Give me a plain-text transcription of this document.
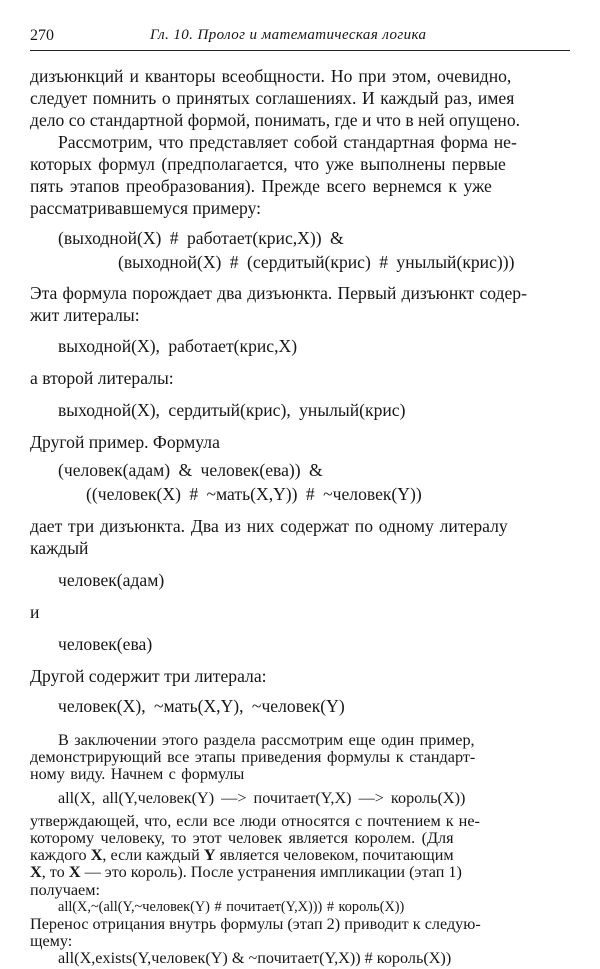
270	Гл. 10. Пролог и математическая логика
дизъюнкций и кванторы всеобщности. Но при этом, очевидно,
следует помнить о принятых соглашениях. И каждый раз, имея
дело со стандартной формой, понимать, где и что в ней опущено.
Рассмотрим, что представляет собой стандартная форма не-
которых формул (предполагается, что уже выполнены первые
пять этапов преобразования). Прежде всего вернемся к уже
рассматривавшемуся примеру:
(выходной(X) # работает(крис,X)) &
(выходной(X) # (сердитый(крис) # унылый(крис)))
Эта формула порождает два дизъюнкта. Первый дизъюнкт содер-
жит литералы:
выходной(X), работает(крис,X)
а второй литералы:
выходной(X), сердитый(крис), унылый(крис)
Другой пример. Формула
(человек(адам) & человек(ева)) &
((человек(X) # ~мать(X,Y)) # ~человек(Y))
дает три дизъюнкта. Два из них содержат по одному литералу
каждый
человек(адам)
и
человек(ева)
Другой содержит три литерала:
человек(X), ~мать(X,Y), ~человек(Y)
В заключении этого раздела рассмотрим еще один пример,
демонстрирующий все этапы приведения формулы к стандарт-
ному виду. Начнем с формулы
all(X, all(Y,человек(Y) —> почитает(Y,X) —> король(X))
утверждающей, что, если все люди относятся с почтением к не-
которому человеку, то этот человек является королем. (Для
каждого X, если каждый Y является человеком, почитающим
X, то X — это король). После устранения импликации (этап 1)
получаем:
all(X,~(all(Y,~человек(Y) # почитает(Y,X))) # король(X))
Перенос отрицания внутрь формулы (этап 2) приводит к следую-
щему:
all(X,exists(Y,человек(Y) & ~почитает(Y,X)) # король(X))
